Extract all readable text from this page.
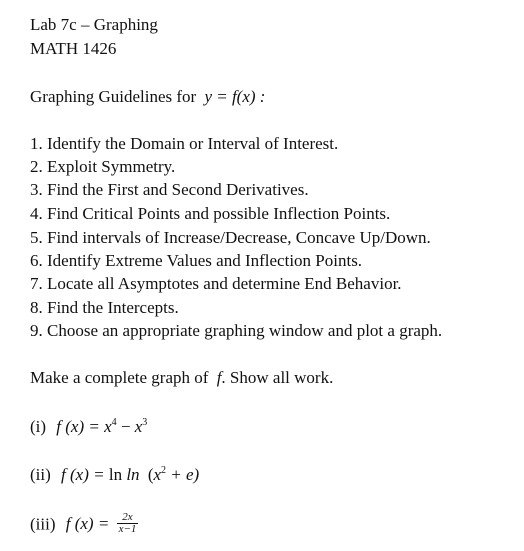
Lab 7c – Graphing
MATH 1426
Graphing Guidelines for y = f(x) :
1. Identify the Domain or Interval of Interest.
2. Exploit Symmetry.
3. Find the First and Second Derivatives.
4. Find Critical Points and possible Inflection Points.
5. Find intervals of Increase/Decrease, Concave Up/Down.
6. Identify Extreme Values and Inflection Points.
7. Locate all Asymptotes and determine End Behavior.
8. Find the Intercepts.
9. Choose an appropriate graphing window and plot a graph.
Make a complete graph of f. Show all work.
(i) f $(x) = x^4 - x^3$
(ii) f $(x) = \ln \ln (x^2 + e)$
(iii) f $(x) = \frac{2x}{x-1}$
